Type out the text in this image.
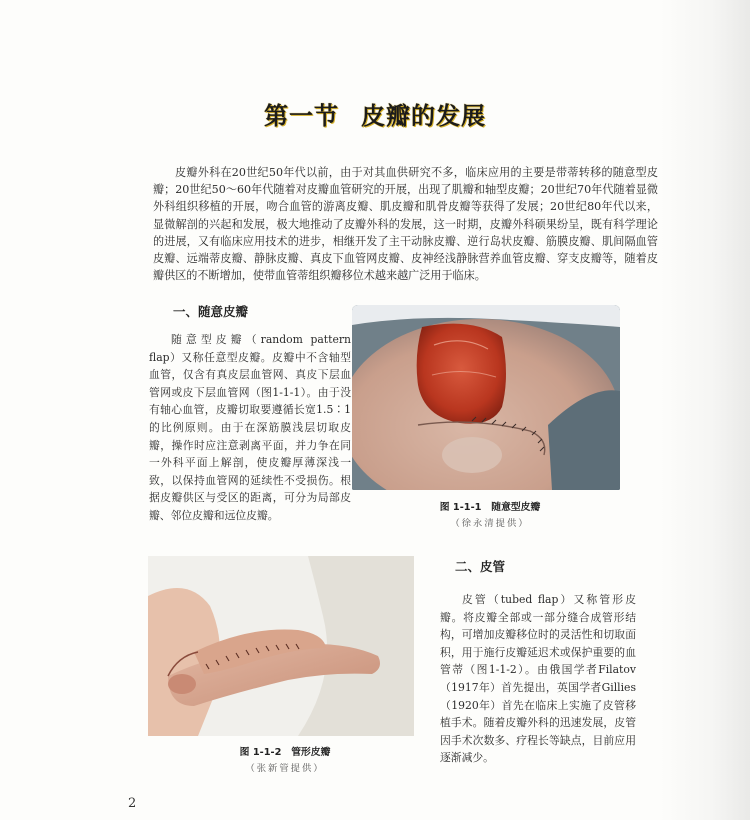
第一节 皮瓣的发展
皮瓣外科在20世纪50年代以前，由于对其血供研究不多，临床应用的主要是带蒂转移的随意型皮瓣；20世纪50～60年代随着对皮瓣血管研究的开展，出现了肌瓣和轴型皮瓣；20世纪70年代随着显微外科组织移植的开展，吻合血管的游离皮瓣、肌皮瓣和肌骨皮瓣等获得了发展；20世纪80年代以来，显微解剖的兴起和发展，极大地推动了皮瓣外科的发展，这一时期，皮瓣外科硕果纷呈，既有科学理论的进展，又有临床应用技术的进步，相继开发了主干动脉皮瓣、逆行岛状皮瓣、筋膜皮瓣、肌间隔血管皮瓣、远端蒂皮瓣、静脉皮瓣、真皮下血管网皮瓣、皮神经浅静脉营养血管皮瓣、穿支皮瓣等，随着皮瓣供区的不断增加，使带血管蒂组织瓣移位术越来越广泛用于临床。
一、随意皮瓣
随意型皮瓣（random pattern flap）又称任意型皮瓣。皮瓣中不含轴型血管，仅含有真皮层血管网、真皮下层血管网或皮下层血管网（图1-1-1）。由于没有轴心血管，皮瓣切取要遵循长宽1.5∶1的比例原则。由于在深筋膜浅层切取皮瓣，操作时应注意剥离平面，并力争在同一外科平面上解剖，使皮瓣厚薄深浅一致，以保持血管网的延续性不受损伤。根据皮瓣供区与受区的距离，可分为局部皮瓣、邻位皮瓣和远位皮瓣。
图 1-1-1　随意型皮瓣
（徐永清提供）
图 1-1-2　管形皮瓣
（张新管提供）
二、皮管
皮管（tubed flap）又称管形皮瓣。将皮瓣全部或一部分缝合成管形结构，可增加皮瓣移位时的灵活性和切取面积，用于施行皮瓣延迟术或保护重要的血管蒂（图1-1-2）。由俄国学者Filatov（1917年）首先提出，英国学者Gillies（1920年）首先在临床上实施了皮管移植手术。随着皮瓣外科的迅速发展，皮管因手术次数多、疗程长等缺点，目前应用逐渐减少。
2
